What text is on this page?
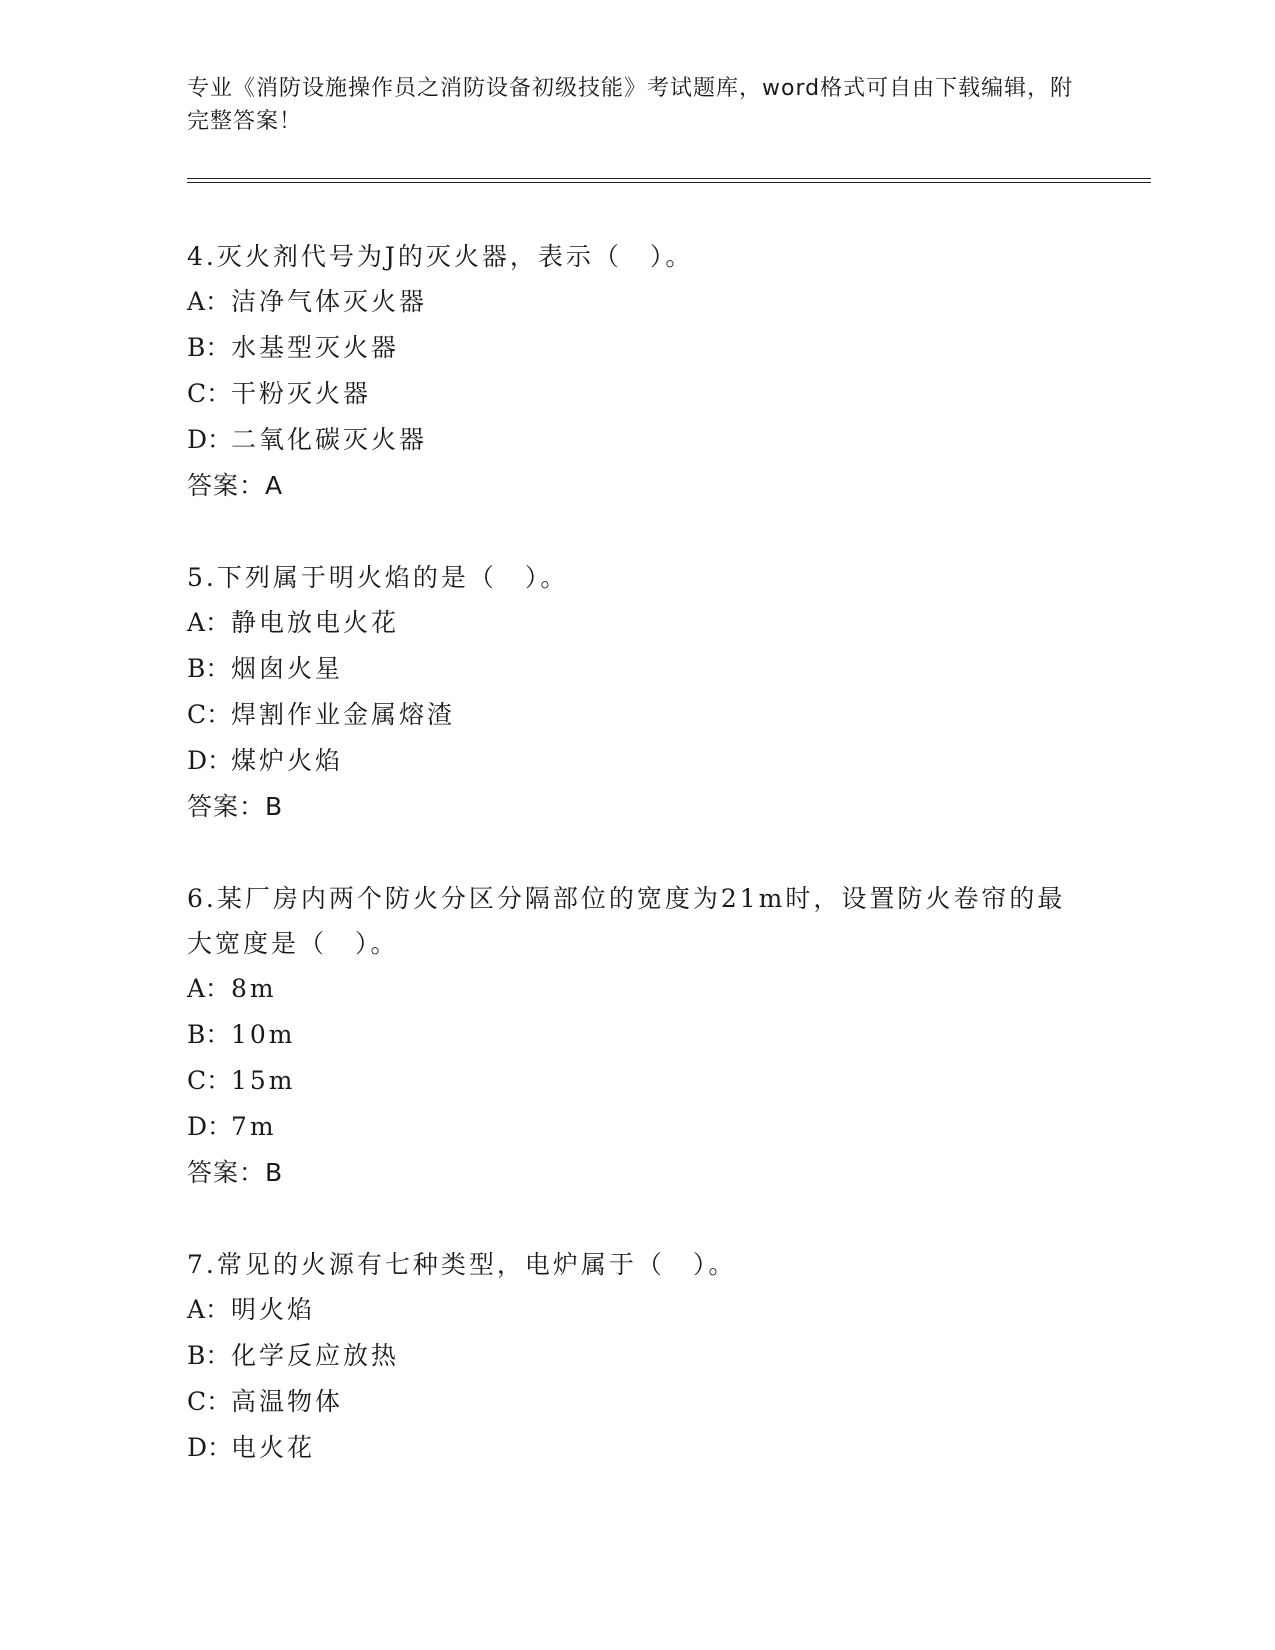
专业《消防设施操作员之消防设备初级技能》考试题库，word格式可自由下载编辑，附完整答案！

4.灭火剂代号为J的灭火器，表示（　）。

A：洁净气体灭火器

B：水基型灭火器

C：干粉灭火器

D：二氧化碳灭火器

答案：A

5.下列属于明火焰的是（　）。

A：静电放电火花

B：烟囱火星

C：焊割作业金属熔渣

D：煤炉火焰

答案：B

6.某厂房内两个防火分区分隔部位的宽度为21m时，设置防火卷帘的最大宽度是（　）。

A：8m

B：10m

C：15m

D：7m

答案：B

7.常见的火源有七种类型，电炉属于（　）。

A：明火焰

B：化学反应放热

C：高温物体

D：电火花
